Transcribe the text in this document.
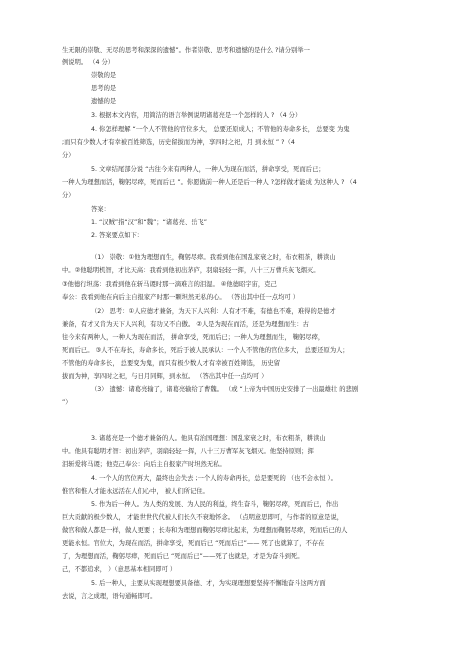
生无限的崇敬、无尽的思考和深深的遗憾”。作者崇敬、思考和遗憾的是什么 ?请分别举一
例说明。 （4 分）
崇敬的是
思考的是
遗憾的是
3. 根据本文内容，用简洁的语言举例说明诸葛亮是一个怎样的人 ? （4 分）
4. 你怎样理解 “一个人不管他的官位多大， 总要还原成人；不管他的寿命多长， 总要变 为鬼
;而只有少数人才有幸被百姓筛选，历史留拔而为神，享四时之祀，月 到永恒 ” ?（4
分）
5. 文章结尾部分说 “古往今来有两种人，一种人为现在而活，拼命享受，死而后已；
一种人为理想而活，鞠躬尽瘁，死而后已 ”。你愿做前一种人还是后一种人 ?怎样做才能成 为这种人 ? （4
分）
答案：
1. “汉贼”指“汉”和“魏”；“诸葛亮、岳飞”
2. 答案要点如下：
（1） 崇敬：①他为理想而生，鞠躬尽瘁。我看到他在国乱家衰之时，布衣粗茶，耕读山
中。②他聪明机智，才比天高：我看到他初出茅庐，羽扇轻轻一挥，八十三万曹兵灰飞烟灭。
③他德行坦荡：我看到他在斩马谡时那一滴难言的泪湿。 ④他德昭宇宙，克己
奉公：我看到他在向后主自报家产时那一颗坦然无私的心。 （答出其中任一点均可 ）
（2） 思考：①人应德才兼备，为天下人兴利：人有才不难，有德也不难，难得的是德才
兼备，有才又肯为天下人兴利，有功又不自傲。 ②人是为现在而活，还是为理想而生：古
往今来有两种人，一种人为现在而活， 拼命享受，死而后已；一种人为理想而生， 鞠躬尽瘁，
死而后已。 ③人不在寿长，寿命多长，死后于被人民承认：一个人不管他的官位多大， 总要还原为人；
不管他的寿命多长， 总要变为鬼，而只有极少数人才有幸被百姓筛选， 历史留
拔而为神，享四时之祀，与日月同辉，到永恒。 （答出其中任一点均可 ）
（3） 遗憾：诸葛亮输了，诸葛亮输给了曹魏。 （或 “上帝为中国历史安排了一出最雄壮 的悲剧
”）
3. 诸葛亮是一个德才兼备的人。他具有治国理想：国乱家衰之时，布衣粗茶，耕读山
中。他具有聪明才智：初出茅庐，羽扇轻轻一挥，八十三万曹军灰飞烟灭。他坚持原则；挥
泪斩爱将马谡；他克己奉公：向后主自报家产时坦然无私。
4. 一个人的官位再大，最终也会失去 ;一个人的寿命再长，总是要死的 （也不会永恒 ）。
惟官和惟人才能永远活在人们心中， 被人们所记住。
5. 作为后一种人。为人类的发展、为人民的利益，终生奋斗，鞠躬尽瘁，死而后已，作出
巨大贡献的极少数人， 才能世世代代被人们长久不衰地怀念。 （点明意思即可，与作者的原意是说，
做官和做人都是一样，做人更要 ；长寿和为理想而鞠躬尽瘁比起来，为理想而鞠躬尽瘁，死而后已的人
更能永恒。官位大，为现在而活，拼命享受，死而后已 “死而后已”—— 死了也就算了，不存在
了，为理想而活，鞠躬尽瘁，死而后已 “死而后已”——死了也就是，才是为奋斗到死。
己，不都追求， ）（意思基本相同即可 ）
5. 后一种人，主要从实现理想要具备德、才，为实现理想要坚持不懈地奋斗这两方面
去说，言之成理，语句通畅即可。
